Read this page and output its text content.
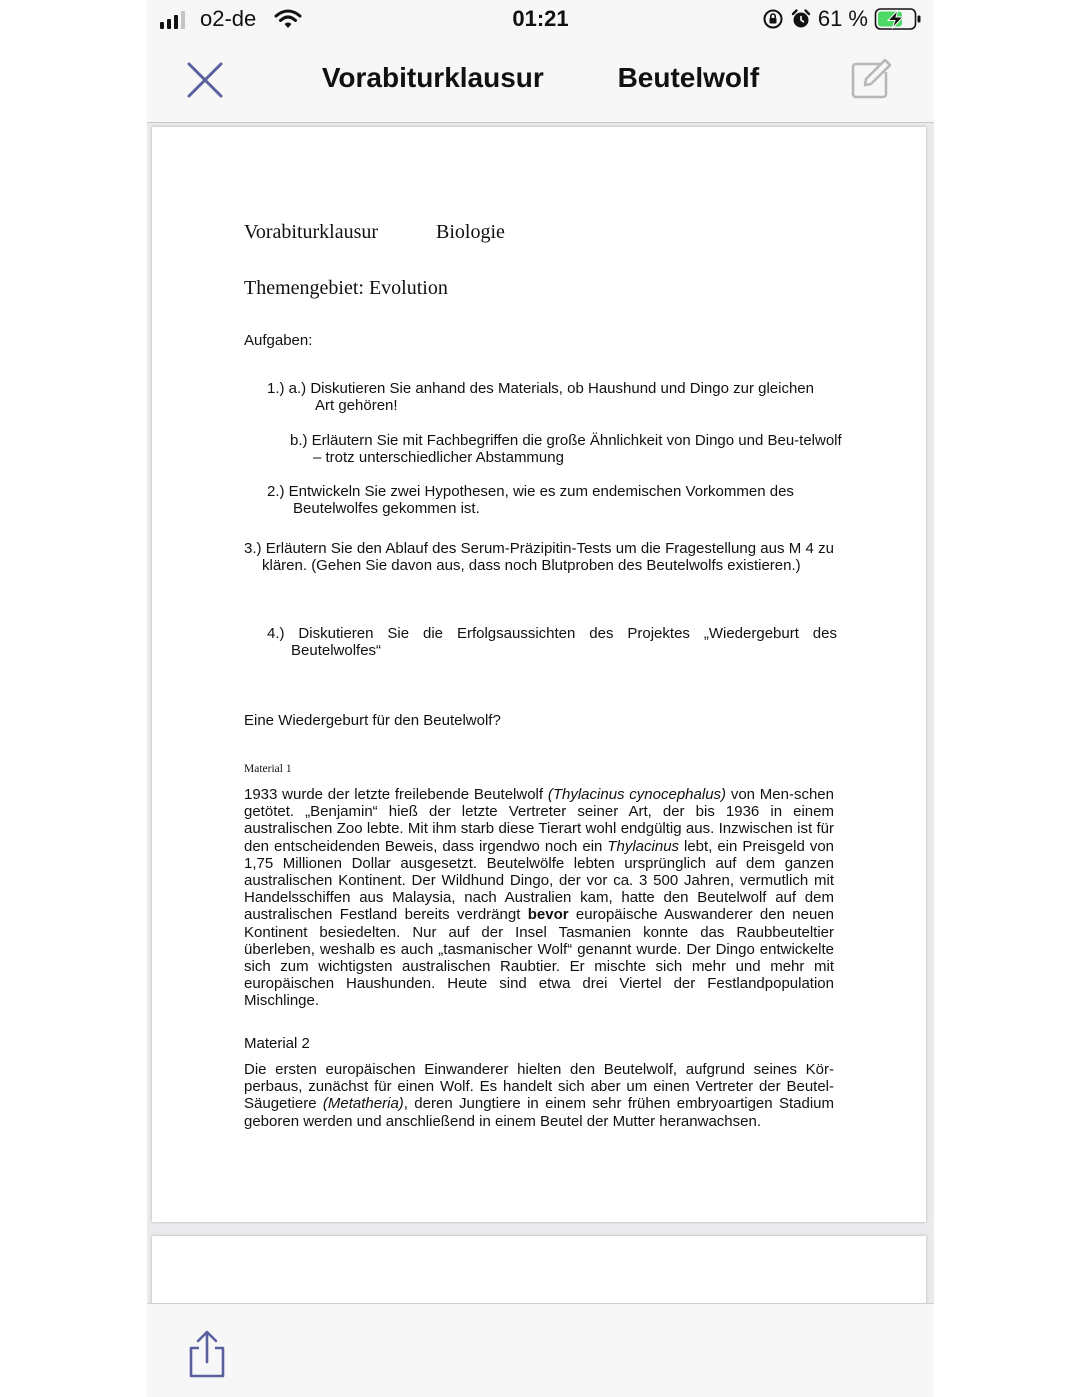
o2-de	01:21	61 %
Vorabiturklausur Beutelwolf

Vorabiturklausur	Biologie

Themengebiet: Evolution

Aufgaben:

1.) a.) Diskutieren Sie anhand des Materials, ob Haushund und Dingo zur gleichen Art gehören!

b.) Erläutern Sie mit Fachbegriffen die große Ähnlichkeit von Dingo und Beu-telwolf – trotz unterschiedlicher Abstammung

2.) Entwickeln Sie zwei Hypothesen, wie es zum endemischen Vorkommen des Beutelwolfes gekommen ist.

3.) Erläutern Sie den Ablauf des Serum-Präzipitin-Tests um die Fragestellung aus M 4 zu klären. (Gehen Sie davon aus, dass noch Blutproben des Beutelwolfs existieren.)

4.) Diskutieren Sie die Erfolgsaussichten des Projektes „Wiedergeburt des Beutelwolfes“

Eine Wiedergeburt für den Beutelwolf?

Material 1

1933 wurde der letzte freilebende Beutelwolf (Thylacinus cynocephalus) von Men-schen getötet. „Benjamin“ hieß der letzte Vertreter seiner Art, der bis 1936 in einem australischen Zoo lebte. Mit ihm starb diese Tierart wohl endgültig aus. Inzwischen ist für den entscheidenden Beweis, dass irgendwo noch ein Thylacinus lebt, ein Preisgeld von 1,75 Millionen Dollar ausgesetzt. Beutelwölfe lebten ursprünglich auf dem ganzen australischen Kontinent. Der Wildhund Dingo, der vor ca. 3 500 Jahren, vermutlich mit Handelsschiffen aus Malaysia, nach Australien kam, hatte den Beutelwolf auf dem australischen Festland bereits verdrängt bevor europäische Auswanderer den neuen Kontinent besiedelten. Nur auf der Insel Tasmanien konnte das Raubbeuteltier überleben, weshalb es auch „tasmanischer Wolf“ genannt wurde. Der Dingo entwickelte sich zum wichtigsten australischen Raubtier. Er mischte sich mehr und mehr mit europäischen Haushunden. Heute sind etwa drei Viertel der Festlandpopulation Mischlinge.

Material 2

Die ersten europäischen Einwanderer hielten den Beutelwolf, aufgrund seines Kör-perbaus, zunächst für einen Wolf. Es handelt sich aber um einen Vertreter der Beutel-Säugetiere (Metatheria), deren Jungtiere in einem sehr frühen embryoartigen Stadium geboren werden und anschließend in einem Beutel der Mutter heranwachsen.
